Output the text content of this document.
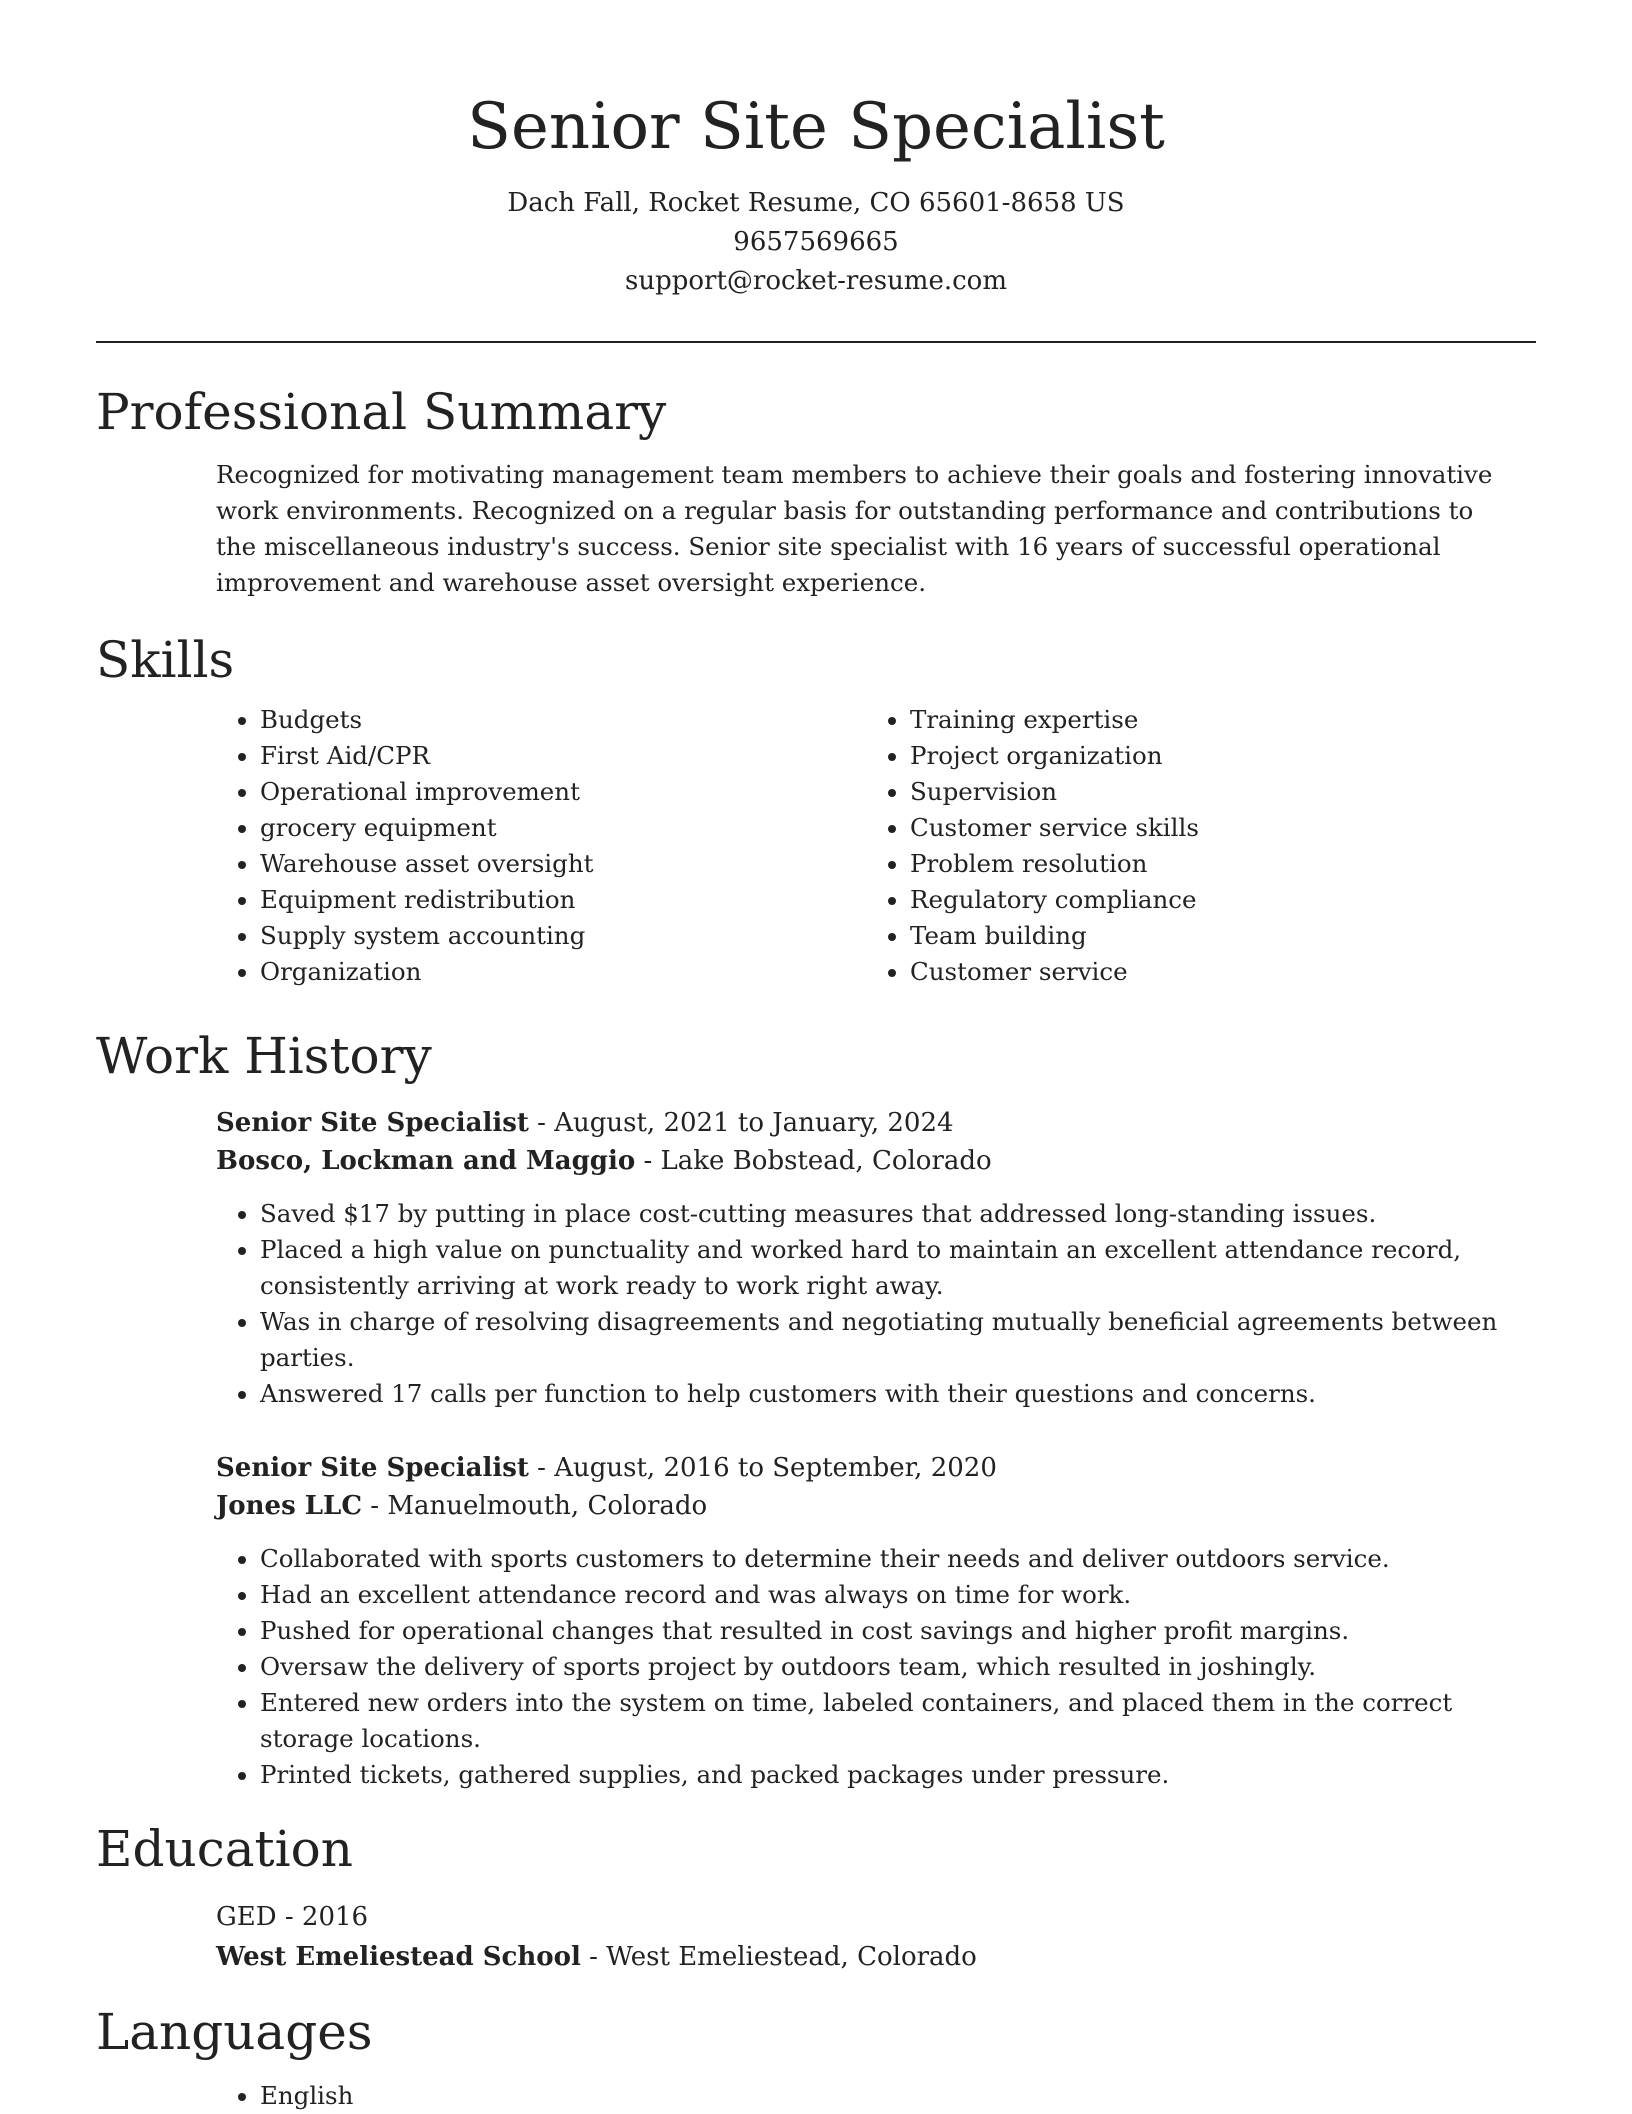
Senior Site Specialist
Dach Fall, Rocket Resume, CO 65601-8658 US
9657569665
support@rocket-resume.com
Professional Summary

Recognized for motivating management team members to achieve their goals and fostering innovative work environments. Recognized on a regular basis for outstanding performance and contributions to the miscellaneous industry's success. Senior site specialist with 16 years of successful operational improvement and warehouse asset oversight experience.

Skills
• Budgets
• First Aid/CPR
• Operational improvement
• grocery equipment
• Warehouse asset oversight
• Equipment redistribution
• Supply system accounting
• Organization
• Training expertise
• Project organization
• Supervision
• Customer service skills
• Problem resolution
• Regulatory compliance
• Team building
• Customer service
Work History
Senior Site Specialist - August, 2021 to January, 2024
Bosco, Lockman and Maggio - Lake Bobstead, Colorado
• Saved $17 by putting in place cost-cutting measures that addressed long-standing issues.
• Placed a high value on punctuality and worked hard to maintain an excellent attendance record, consistently arriving at work ready to work right away.
• Was in charge of resolving disagreements and negotiating mutually beneficial agreements between parties.
• Answered 17 calls per function to help customers with their questions and concerns.
Senior Site Specialist - August, 2016 to September, 2020
Jones LLC - Manuelmouth, Colorado
• Collaborated with sports customers to determine their needs and deliver outdoors service.
• Had an excellent attendance record and was always on time for work.
• Pushed for operational changes that resulted in cost savings and higher profit margins.
• Oversaw the delivery of sports project by outdoors team, which resulted in joshingly.
• Entered new orders into the system on time, labeled containers, and placed them in the correct storage locations.
• Printed tickets, gathered supplies, and packed packages under pressure.
Education
GED - 2016
West Emeliestead School - West Emeliestead, Colorado
Languages
• English
